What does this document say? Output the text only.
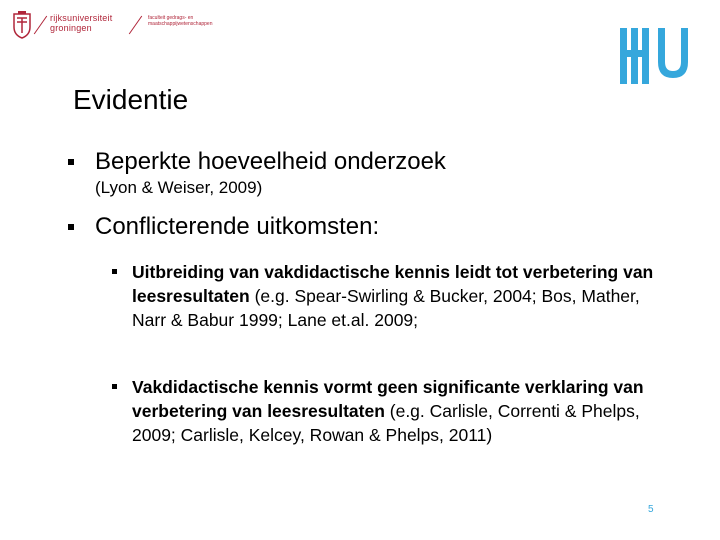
rijksuniversiteit
groningen
faculteit gedrags- en
maatschappijwetenschappen
Evidentie
Beperkte hoeveelheid onderzoek
(Lyon & Weiser, 2009)
Conflicterende uitkomsten:
Uitbreiding van vakdidactische kennis leidt tot verbetering van leesresultaten (e.g. Spear-Swirling & Bucker, 2004; Bos, Mather, Narr & Babur 1999; Lane et.al. 2009;
Vakdidactische kennis vormt geen significante verklaring van verbetering van leesresultaten (e.g. Carlisle, Correnti & Phelps, 2009; Carlisle, Kelcey, Rowan & Phelps, 2011)
5
